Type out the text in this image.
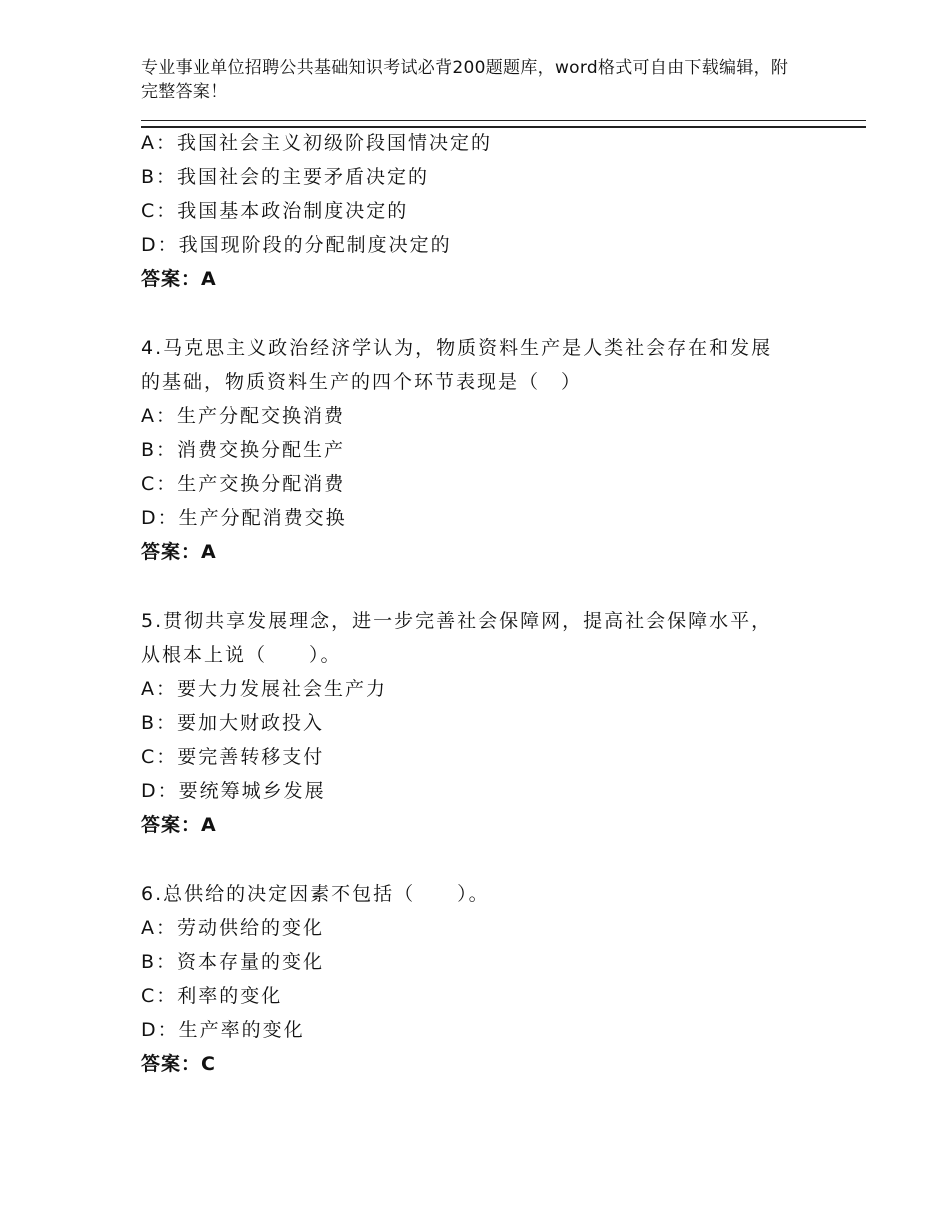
专业事业单位招聘公共基础知识考试必背200题题库，word格式可自由下载编辑，附完整答案！
A：我国社会主义初级阶段国情决定的
B：我国社会的主要矛盾决定的
C：我国基本政治制度决定的
D：我国现阶段的分配制度决定的
答案：A
4.马克思主义政治经济学认为，物质资料生产是人类社会存在和发展
的基础，物质资料生产的四个环节表现是（　）
A：生产分配交换消费
B：消费交换分配生产
C：生产交换分配消费
D：生产分配消费交换
答案：A
5.贯彻共享发展理念，进一步完善社会保障网，提高社会保障水平，
从根本上说（　　）。
A：要大力发展社会生产力
B：要加大财政投入
C：要完善转移支付
D：要统筹城乡发展
答案：A
6.总供给的决定因素不包括（　　）。
A：劳动供给的变化
B：资本存量的变化
C：利率的变化
D：生产率的变化
答案：C
